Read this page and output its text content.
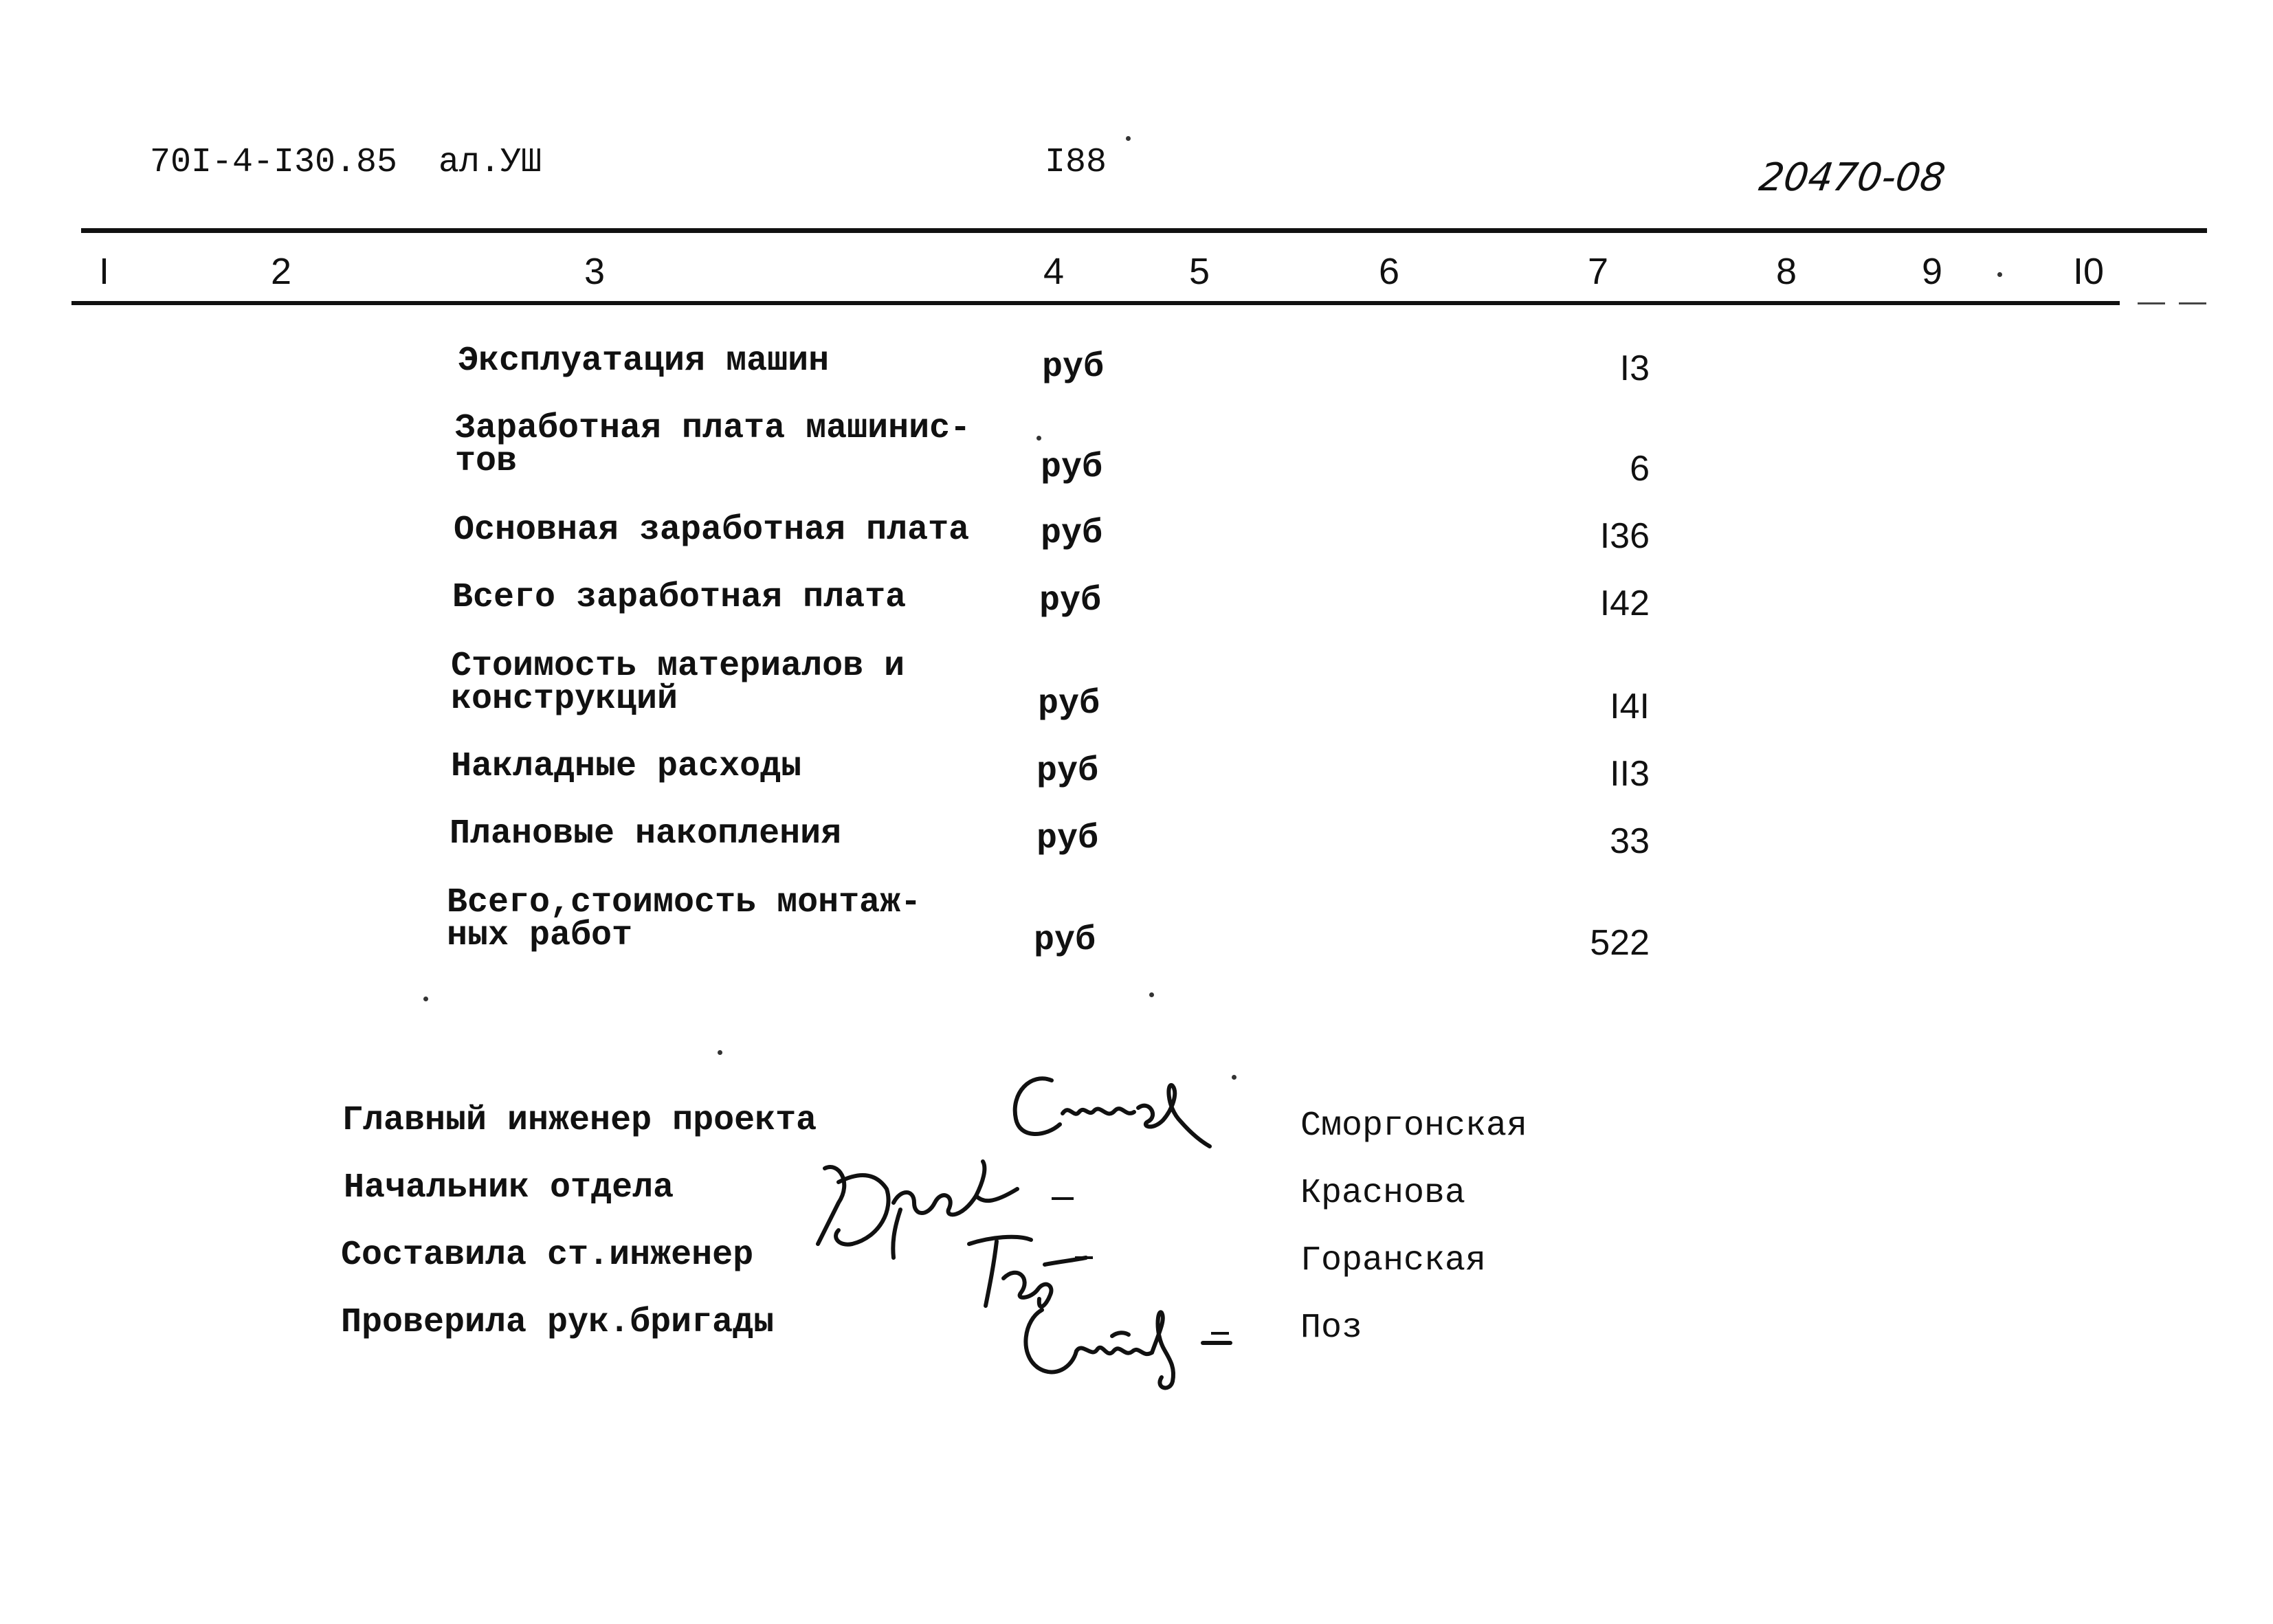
70I-4-I30.85 ал.УШ	I88	20470-08
I	2	3	4	5	6	7	8	9	I0
Эксплуатация машин	руб	I3
Заработная плата машинис-
тов	руб	6
Основная заработная плата руб	I36
Всего заработная плата	руб	I42
Стоимость материалов и
конструкций	руб	I4I
Накладные расходы	руб	II3
Плановые накопления	руб	33
Всего,стоимость монтаж-
ных работ	руб	522
Главный инженер проекта	Сморгонская
Начальник отдела	Краснова
Составила ст.инженер	Горанская
Проверила рук.бригады	Поз
